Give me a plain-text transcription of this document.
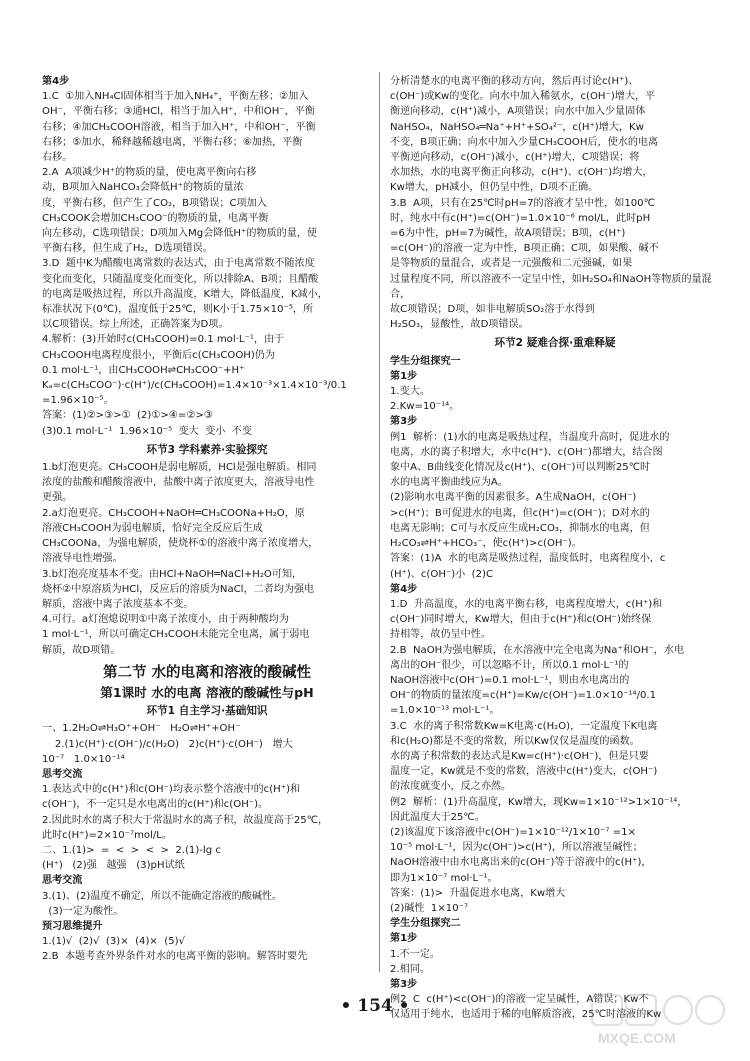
第4步

1.C  ①加入NH₄Cl固体相当于加入NH₄⁺，平衡左移；②加入

OH⁻，平衡右移；③通HCl，相当于加入H⁺，中和OH⁻，平衡

右移；④加CH₃COOH溶液，相当于加入H⁺，中和OH⁻，平衡

右移；⑤加水，稀释越稀越电离，平衡右移；⑥加热，平衡

右移。

2.A  A项减少H⁺的物质的量，使电离平衡向右移

动，B项加入NaHCO₃会降低H⁺的物质的量浓

度，平衡右移，但产生了CO₂，B项错误；C项加入

CH₃COOK会增加CH₃COO⁻的物质的量，电离平衡

向左移动，C选项错误；D项加入Mg会降低H⁺的物质的量，使

平衡右移，但生成了H₂，D选项错误。

3.D  题中K为醋酸电离常数的表达式，由于电离常数不随浓度

变化而变化，只随温度变化而变化，所以排除A、B项；且醋酸

的电离是吸热过程，所以升高温度，K增大，降低温度，K减小，

标准状况下(0℃)，温度低于25℃，则K小于1.75×10⁻⁵，所

以C项错误。综上所述，正确答案为D项。

4.解析：(3)开始时c(CH₃COOH)=0.1 mol·L⁻¹，由于

CH₃COOH电离程度很小，平衡后c(CH₃COOH)仍为

0.1 mol·L⁻¹，由CH₃COOH⇌CH₃COO⁻+H⁺

Kₐ=c(CH₃COO⁻)·c(H⁺)/c(CH₃COOH)=1.4×10⁻³×1.4×10⁻³/0.1

=1.96×10⁻⁵。

答案：(1)②>③>①  (2)①>④=②>③

(3)0.1 mol·L⁻¹  1.96×10⁻⁵  变大  变小  不变

环节3 学科素养·实验探究

1.b灯泡更亮。CH₃COOH是弱电解质，HCl是强电解质。相同

浓度的盐酸和醋酸溶液中，盐酸中离子浓度更大，溶液导电性

更强。

2.a灯泡更亮。CH₃COOH+NaOH═CH₃COONa+H₂O，原

溶液CH₃COOH为弱电解质，恰好完全反应后生成

CH₃COONa，为强电解质，使烧杯①的溶液中离子浓度增大，

溶液导电性增强。

3.b灯泡亮度基本不变。由HCl+NaOH═NaCl+H₂O可知，

烧杯②中原溶质为HCl，反应后的溶质为NaCl，二者均为强电

解质，溶液中离子浓度基本不变。

4.可行。a灯泡熄说明①中离子浓度小，由于两种酸均为

1 mol·L⁻¹，所以可确定CH₃COOH未能完全电离，属于弱电

解质，故D项错。

第二节 水的电离和溶液的酸碱性
第1课时 水的电离 溶液的酸碱性与pH
环节1 自主学习·基础知识

一、1.2H₂O⇌H₃O⁺+OH⁻   H₂O⇌H⁺+OH⁻

2.(1)c(H⁺)·c(OH⁻)/c(H₂O)   2)c(H⁺)·c(OH⁻)   增大

10⁻⁷   1.0×10⁻¹⁴

思考交流

1.表达式中的c(H⁺)和c(OH⁻)均表示整个溶液中的c(H⁺)和

c(OH⁻)，不一定只是水电离出的c(H⁺)和c(OH⁻)。

2.因此时水的离子积大于常温时水的离子积，故温度高于25℃，

此时c(H⁺)=2×10⁻⁷mol/L。

二、1.(1)>  =  <  >  <  >  2.(1)-lg c

(H⁺)   (2)强   越强   (3)pH试纸

思考交流

3.(1)、(2)温度不确定，所以不能确定溶液的酸碱性。

(3)一定为酸性。

预习思维提升

1.(1)√  (2)√  (3)×  (4)×  (5)√

2.B  本题考查外界条件对水的电离平衡的影响。解答时要先

分析清楚水的电离平衡的移动方向，然后再讨论c(H⁺)、

c(OH⁻)或Kw的变化。向水中加入稀氨水，c(OH⁻)增大，平

衡逆向移动，c(H⁺)减小，A项错误；向水中加入少量固体

NaHSO₄，NaHSO₄═Na⁺+H⁺+SO₄²⁻，c(H⁺)增大，Kw

不变，B项正确；向水中加入少量CH₃COOH后，使水的电离

平衡逆向移动，c(OH⁻)减小，c(H⁺)增大，C项错误；将

水加热，水的电离平衡正向移动，c(H⁺)、c(OH⁻)均增大，

Kw增大，pH减小，但仍呈中性，D项不正确。

3.B  A项，只有在25℃时pH=7的溶液才呈中性，如100℃

时，纯水中有c(H⁺)=c(OH⁻)=1.0×10⁻⁶ mol/L，此时pH

=6为中性，pH=7为碱性，故A项错误；B项，c(H⁺)

=c(OH⁻)的溶液一定为中性，B项正确；C项，如果酸、碱不

是等物质的量混合，或者是一元强酸和二元强碱，如果

过量程度不同，所以溶液不一定呈中性，如H₂SO₄和NaOH等物质的量混合，

故C项错误；D项，如非电解质SO₂溶于水得到

H₂SO₃，显酸性，故D项错误。

环节2 疑难合探·重难释疑

学生分组探究一

第1步

1.变大。

2.Kw=10⁻¹⁴。

第3步

例1  解析：(1)水的电离是吸热过程，当温度升高时，促进水的

电离，水的离子积增大，水中c(H⁺)、c(OH⁻)都增大，结合图

象中A、B曲线变化情况及c(H⁺)、c(OH⁻)可以判断25℃时

水的电离平衡曲线应为A。

(2)影响水电离平衡的因素很多。A生成NaOH，c(OH⁻)

>c(H⁺)；B可促进水的电离，但c(H⁺)=c(OH⁻)；D对水的

电离无影响；C可与水反应生成H₂CO₃，抑制水的电离，但

H₂CO₃⇌H⁺+HCO₃⁻，使c(H⁺)>c(OH⁻)。

答案：(1)A  水的电离是吸热过程，温度低时，电离程度小，c

(H⁺)、c(OH⁻)小  (2)C

第4步

1.D  升高温度，水的电离平衡右移，电离程度增大，c(H⁺)和

c(OH⁻)同时增大，Kw增大，但由于c(H⁺)和c(OH⁻)始终保

持相等，故仍呈中性。

2.B  NaOH为强电解质，在水溶液中完全电离为Na⁺和OH⁻，水电

离出的OH⁻很少，可以忽略不计，所以0.1 mol·L⁻¹的

NaOH溶液中c(OH⁻)=0.1 mol·L⁻¹，则由水电离出的

OH⁻的物质的量浓度=c(H⁺)=Kw/c(OH⁻)=1.0×10⁻¹⁴/0.1

=1.0×10⁻¹³ mol·L⁻¹。

3.C  水的离子积常数Kw=K电离·c(H₂O)，一定温度下K电离

和c(H₂O)都是不变的常数，所以Kw仅仅是温度的函数。

水的离子积常数的表达式是Kw=c(H⁺)·c(OH⁻)，但是只要

温度一定，Kw就是不变的常数，溶液中c(H⁺)变大，c(OH⁻)

的浓度就变小，反之亦然。

例2  解析：(1)升高温度，Kw增大，现Kw=1×10⁻¹²>1×10⁻¹⁴，

因此温度大于25℃。

(2)该温度下该溶液中c(OH⁻)=1×10⁻¹²/1×10⁻⁷ =1×

10⁻⁵ mol·L⁻¹，因为c(OH⁻)>c(H⁺)，所以溶液呈碱性；

NaOH溶液中由水电离出来的c(OH⁻)等于溶液中的c(H⁺)，

即为1×10⁻⁷ mol·L⁻¹。

答案：(1)>  升温促进水电离，Kw增大

(2)碱性  1×10⁻⁷

学生分组探究二

第1步

1.不一定。

2.相同。

第3步

例2  C  c(H⁺)<c(OH⁻)的溶液一定呈碱性，A错误；Kw不

仅适用于纯水，也适用于稀的电解质溶液，25℃时溶液的Kw

• 154 •
MXQE.COM
